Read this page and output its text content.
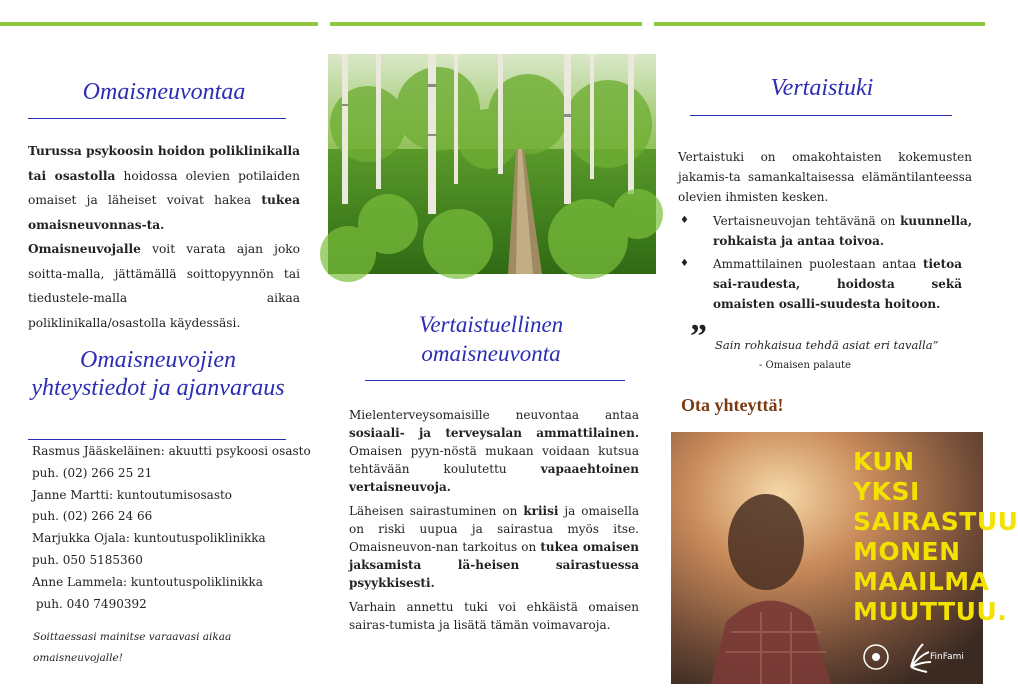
Omaisneuvontaa

Turussa psykoosin hoidon poliklinikalla tai osastolla hoidossa olevien potilaiden omaiset ja läheiset voivat hakea tukea omaisneuvonnas-ta.

Omaisneuvojalle voit varata ajan joko soitta-malla, jättämällä soittopyynnön tai tiedustele-malla aikaa poliklinikalla/osastolla käydessäsi.

Omaisneuvojien yhteystiedot ja ajanvaraus
Rasmus Jääskeläinen: akuutti psykoosi osasto
puh. (02) 266 25 21
Janne Martti: kuntoutumisosasto
puh. (02) 266 24 66
Marjukka Ojala: kuntoutuspoliklinikka
puh. 050 5185360
Anne Lammela: kuntoutuspoliklinikka
puh. 040 7490392
Soittaessasi mainitse varaavasi aikaa
omaisneuvojalle!
Vertaistuellinen omaisneuvonta

Mielenterveysomaisille neuvontaa antaa sosiaali- ja terveysalan ammattilainen. Omaisen pyyn-nöstä mukaan voidaan kutsua tehtävään koulutettu vapaaehtoinen vertaisneuvoja.

Läheisen sairastuminen on kriisi ja omaisella on riski uupua ja sairastua myös itse. Omaisneuvon-nan tarkoitus on tukea omaisen jaksamista lä-heisen sairastuessa psyykkisesti.

Varhain annettu tuki voi ehkäistä omaisen sairas-tumista ja lisätä tämän voimavaroja.

Vertaistuki
Vertaistuki on omakohtaisten kokemusten jakamis-ta samankaltaisessa elämäntilanteessa olevien ihmisten kesken.
♦ Vertaisneuvojan tehtävänä on kuunnella, rohkaista ja antaa toivoa.
♦ Ammattilainen puolestaan antaa tietoa sai-raudesta, hoidosta sekä omaisten osalli-suudesta hoitoon.
” Sain rohkaisua tehdä asiat eri tavalla”
- Omaisen palaute
Ota yhteyttä!
KUN YKSI
SAIRASTUU
MONEN
MAAILMA
MUUTTUU.
FinFami
